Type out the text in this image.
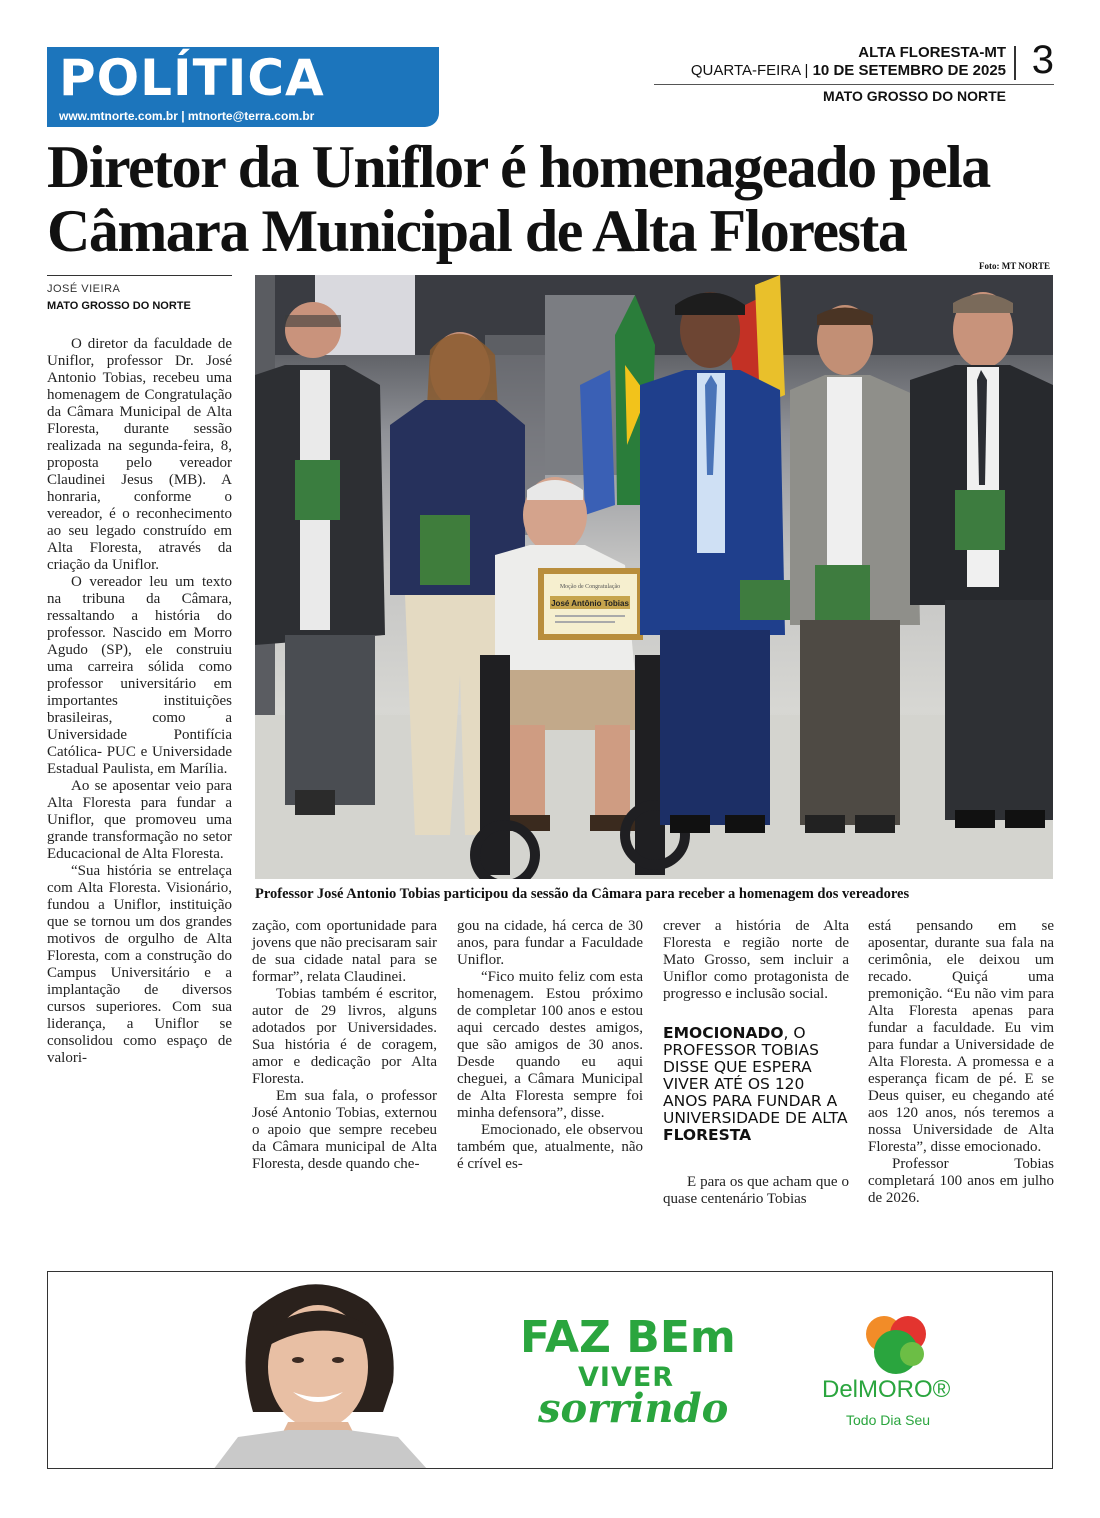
POLÍTICA
www.mtnorte.com.br | mtnorte@terra.com.br
ALTA FLORESTA-MT
QUARTA-FEIRA | 10 DE SETEMBRO DE 2025 3
MATO GROSSO DO NORTE
Diretor da Uniflor é homenageado pela Câmara Municipal de Alta Floresta
JOSÉ VIEIRA
MATO GROSSO DO NORTE

O diretor da faculdade de Uniflor, professor Dr. José Antonio Tobias, recebeu uma homenagem de Congratulação da Câmara Municipal de Alta Floresta, durante sessão realizada na segunda-feira, 8, proposta pelo vereador Claudinei Jesus (MB). A honraria, conforme o vereador, é o reconhecimento ao seu legado construído em Alta Floresta, através da criação da Uniflor.

O vereador leu um texto na tribuna da Câmara, ressaltando a história do professor. Nascido em Morro Agudo (SP), ele construiu uma carreira sólida como professor universitário em importantes instituições brasileiras, como a Universidade Pontifícia Católica- PUC e Universidade Estadual Paulista, em Marília.

Ao se aposentar veio para Alta Floresta para fundar a Uniflor, que promoveu uma grande transformação no setor Educacional de Alta Floresta.

“Sua história se entrelaça com Alta Floresta. Visionário, fundou a Uniflor, instituição que se tornou um dos grandes motivos de orgulho de Alta Floresta, com a construção do Campus Universitário e a implantação de diversos cursos superiores. Com sua liderança, a Uniflor se consolidou como espaço de valori-

Foto: MT NORTE
Moção de Congratulação
José Antônio Tobias
Professor José Antonio Tobias participou da sessão da Câmara para receber a homenagem dos vereadores

zação, com oportunidade para jovens que não precisaram sair de sua cidade natal para se formar”, relata Claudinei.

Tobias também é escritor, autor de 29 livros, alguns adotados por Universidades. Sua história é de coragem, amor e dedicação por Alta Floresta.

Em sua fala, o professor José Antonio Tobias, externou o apoio que sempre recebeu da Câmara municipal de Alta Floresta, desde quando che-

gou na cidade, há cerca de 30 anos, para fundar a Faculdade Uniflor.

“Fico muito feliz com esta homenagem. Estou próximo de completar 100 anos e estou aqui cercado destes amigos, que são amigos de 30 anos. Desde quando eu aqui cheguei, a Câmara Municipal de Alta Floresta sempre foi minha defensora”, disse.

Emocionado, ele observou também que, atualmente, não é crível es-

crever a história de Alta Floresta e região norte de Mato Grosso, sem incluir a Uniflor como protagonista de progresso e inclusão social.

EMOCIONADO, O PROFESSOR TOBIAS DISSE QUE ESPERA VIVER ATÉ OS 120 ANOS PARA FUNDAR A UNIVERSIDADE DE ALTA FLORESTA

E para os que acham que o quase centenário Tobias

está pensando em se aposentar, durante sua fala na cerimônia, ele deixou um recado. Quiçá uma premonição. “Eu não vim para Alta Floresta apenas para fundar a faculdade. Eu vim para fundar a Universidade de Alta Floresta. A promessa e a esperança ficam de pé. E se Deus quiser, eu chegando até aos 120 anos, nós teremos a nossa Universidade de Alta Floresta”, disse emocionado.

Professor Tobias completará 100 anos em julho de 2026.

FAZ BEm
VIVER
sorrindo	DelMORO®
Todo Dia Seu
